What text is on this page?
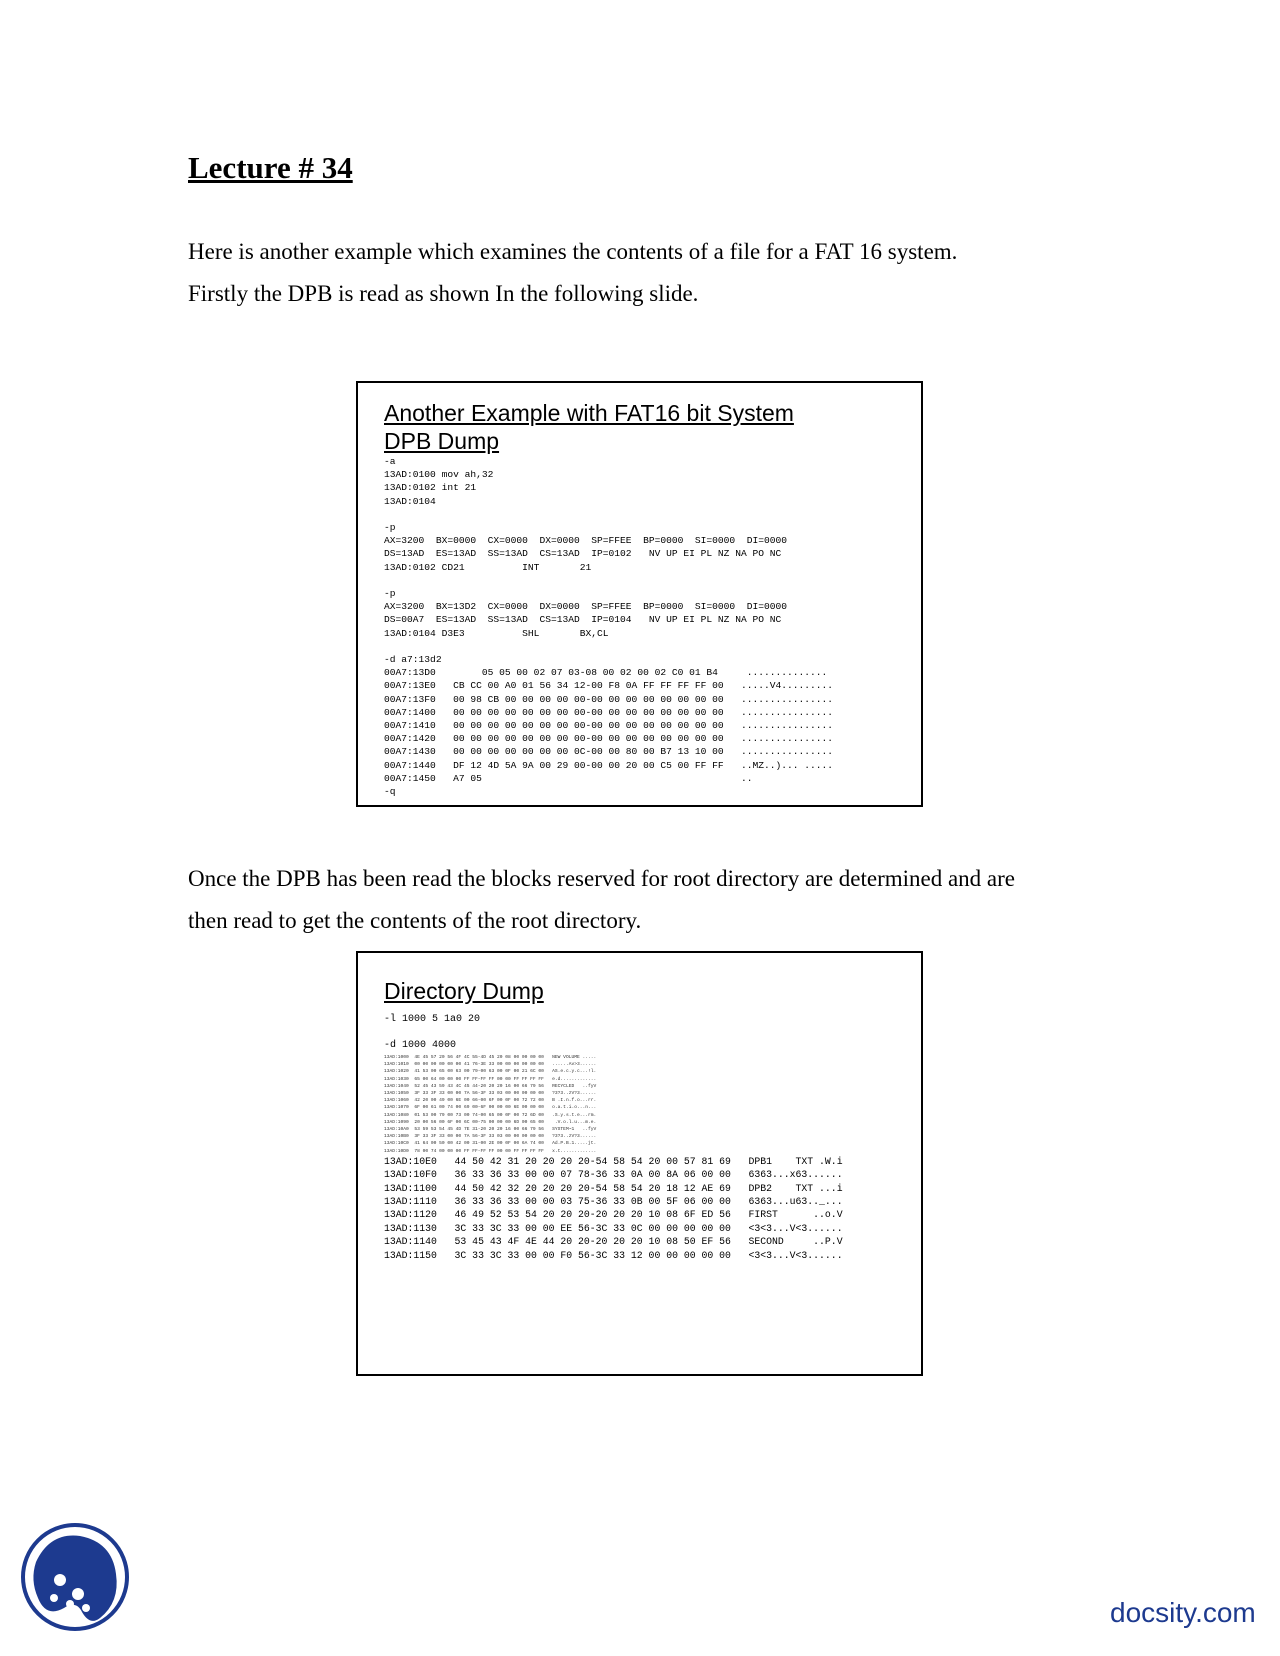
Lecture # 34

Here is another example which examines the contents of a file for a FAT 16 system.

Firstly the DPB is read as shown In the following slide.

Another Example with FAT16 bit System
DPB Dump
-a
13AD:0100 mov ah,32
13AD:0102 int 21
13AD:0104

-p
AX=3200  BX=0000  CX=0000  DX=0000  SP=FFEE  BP=0000  SI=0000  DI=0000
DS=13AD  ES=13AD  SS=13AD  CS=13AD  IP=0102   NV UP EI PL NZ NA PO NC
13AD:0102 CD21          INT       21

-p
AX=3200  BX=13D2  CX=0000  DX=0000  SP=FFEE  BP=0000  SI=0000  DI=0000
DS=00A7  ES=13AD  SS=13AD  CS=13AD  IP=0104   NV UP EI PL NZ NA PO NC
13AD:0104 D3E3          SHL       BX,CL

-d a7:13d2
00A7:13D0        05 05 00 02 07 03-08 00 02 00 02 C0 01 B4     ..............
00A7:13E0   CB CC 00 A0 01 56 34 12-00 F8 0A FF FF FF FF 00   .....V4.........
00A7:13F0   00 98 CB 00 00 00 00 00-00 00 00 00 00 00 00 00   ................
00A7:1400   00 00 00 00 00 00 00 00-00 00 00 00 00 00 00 00   ................
00A7:1410   00 00 00 00 00 00 00 00-00 00 00 00 00 00 00 00   ................
00A7:1420   00 00 00 00 00 00 00 00-00 00 00 00 00 00 00 00   ................
00A7:1430   00 00 00 00 00 00 00 0C-00 00 80 00 B7 13 10 00   ................
00A7:1440   DF 12 4D 5A 9A 00 29 00-00 00 20 00 C5 00 FF FF   ..MZ..)... .....
00A7:1450   A7 05                                             ..
-q

Once the DPB has been read the blocks reserved for root directory are determined and are

then read to get the contents of the root directory.

Directory Dump
-l 1000 5 1a0 20

-d 1000 4000
13AD:1000  4E 45 57 20 56 4F 4C 55-4D 45 20 08 00 00 00 00   NEW VOLUME .....
13AD:1010  00 00 00 00 00 00 41 76-3E 33 00 00 00 00 00 00   ......Av>3......
13AD:1020  41 53 00 65 00 63 00 79-00 63 00 0F 00 21 6C 00   AS.e.c.y.c...!l.
13AD:1030  65 00 64 00 00 00 FF FF-FF FF 00 00 FF FF FF FF   e.d.............
13AD:1040  52 45 43 59 43 4C 45 44-20 20 20 16 00 66 79 56   RECYCLED   ..fyV
13AD:1050  3F 33 3F 33 00 00 7A 56-3F 33 03 00 00 00 00 00   ?3?3..zV?3......
13AD:1060  42 20 00 49 00 6E 00 66-00 6F 00 0F 00 72 72 00   B .I.n.f.o...rr.
13AD:1070  6F 00 61 00 74 00 69 00-6F 00 00 00 6E 00 00 00   o.a.t.i.o...n...
13AD:1080  01 53 00 79 00 73 00 74-00 65 00 0F 00 72 6D 00   .S.y.s.t.e...rm.
13AD:1090  20 00 56 00 6F 00 6C 00-75 00 00 00 6D 00 65 00    .V.o.l.u...m.e.
13AD:10A0  53 59 53 54 45 4D 7E 31-20 20 20 16 00 66 79 56   SYSTEM~1   ..fyV
13AD:10B0  3F 33 3F 33 00 00 7A 56-3F 33 03 00 00 00 00 00   ?3?3..zV?3......
13AD:10C0  41 64 00 50 00 42 00 31-00 2E 00 0F 00 6A 74 00   Ad.P.B.1.....jt.
13AD:10D0  78 00 74 00 00 00 FF FF-FF FF 00 00 FF FF FF FF   x.t.............
13AD:10E0   44 50 42 31 20 20 20 20-54 58 54 20 00 57 81 69   DPB1    TXT .W.i
13AD:10F0   36 33 36 33 00 00 07 78-36 33 0A 00 8A 06 00 00   6363...x63......
13AD:1100   44 50 42 32 20 20 20 20-54 58 54 20 18 12 AE 69   DPB2    TXT ...i
13AD:1110   36 33 36 33 00 00 03 75-36 33 0B 00 5F 06 00 00   6363...u63.._...
13AD:1120   46 49 52 53 54 20 20 20-20 20 20 10 08 6F ED 56   FIRST      ..o.V
13AD:1130   3C 33 3C 33 00 00 EE 56-3C 33 0C 00 00 00 00 00   <3<3...V<3......
13AD:1140   53 45 43 4F 4E 44 20 20-20 20 20 10 08 50 EF 56   SECOND     ..P.V
13AD:1150   3C 33 3C 33 00 00 F0 56-3C 33 12 00 00 00 00 00   <3<3...V<3......
docsity.com
